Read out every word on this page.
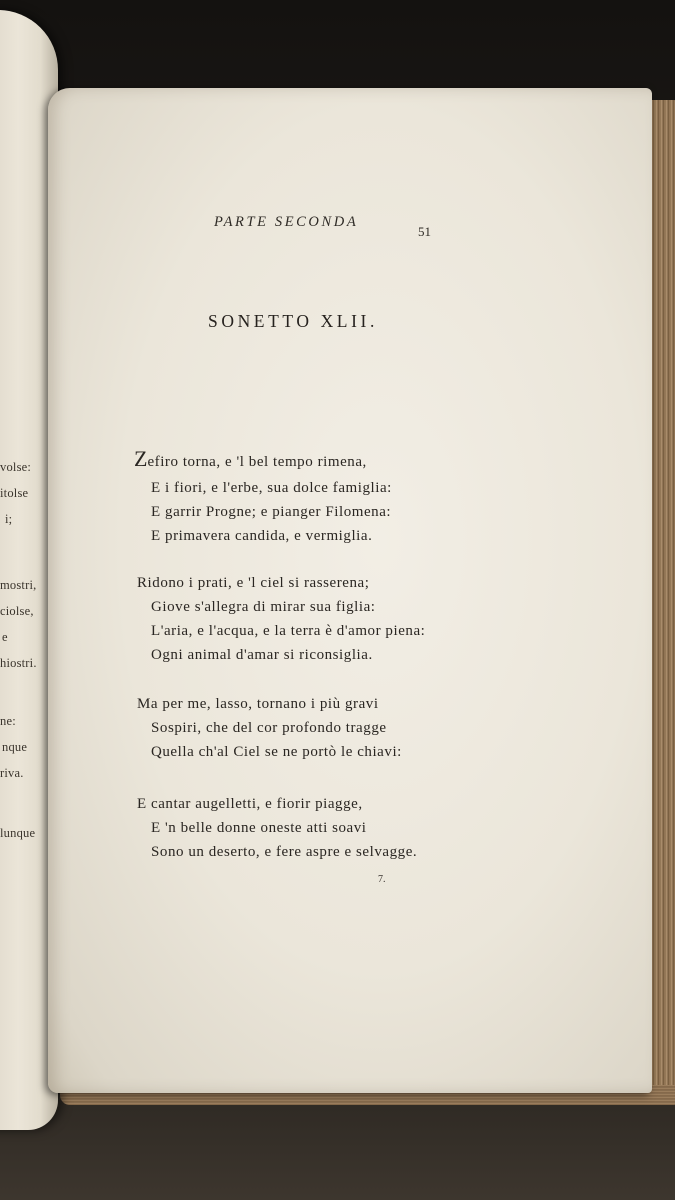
volse:
itolse
i;
mostri,
ciolse,
e
hiostri.
ne:
nque
riva.
lunque
PARTE SECONDA
51
SONETTO XLII.
Zefiro torna, e 'l bel tempo rimena,
E i fiori, e l'erbe, sua dolce famiglia:
E garrir Progne; e pianger Filomena:
E primavera candida, e vermiglia.
Ridono i prati, e 'l ciel si rasserena;
Giove s'allegra di mirar sua figlia:
L'aria, e l'acqua, e la terra è d'amor piena:
Ogni animal d'amar si riconsiglia.
Ma per me, lasso, tornano i più gravi
Sospiri, che del cor profondo tragge
Quella ch'al Ciel se ne portò le chiavi:
E cantar augelletti, e fiorir piagge,
E 'n belle donne oneste atti soavi
Sono un deserto, e fere aspre e selvagge.
7.
